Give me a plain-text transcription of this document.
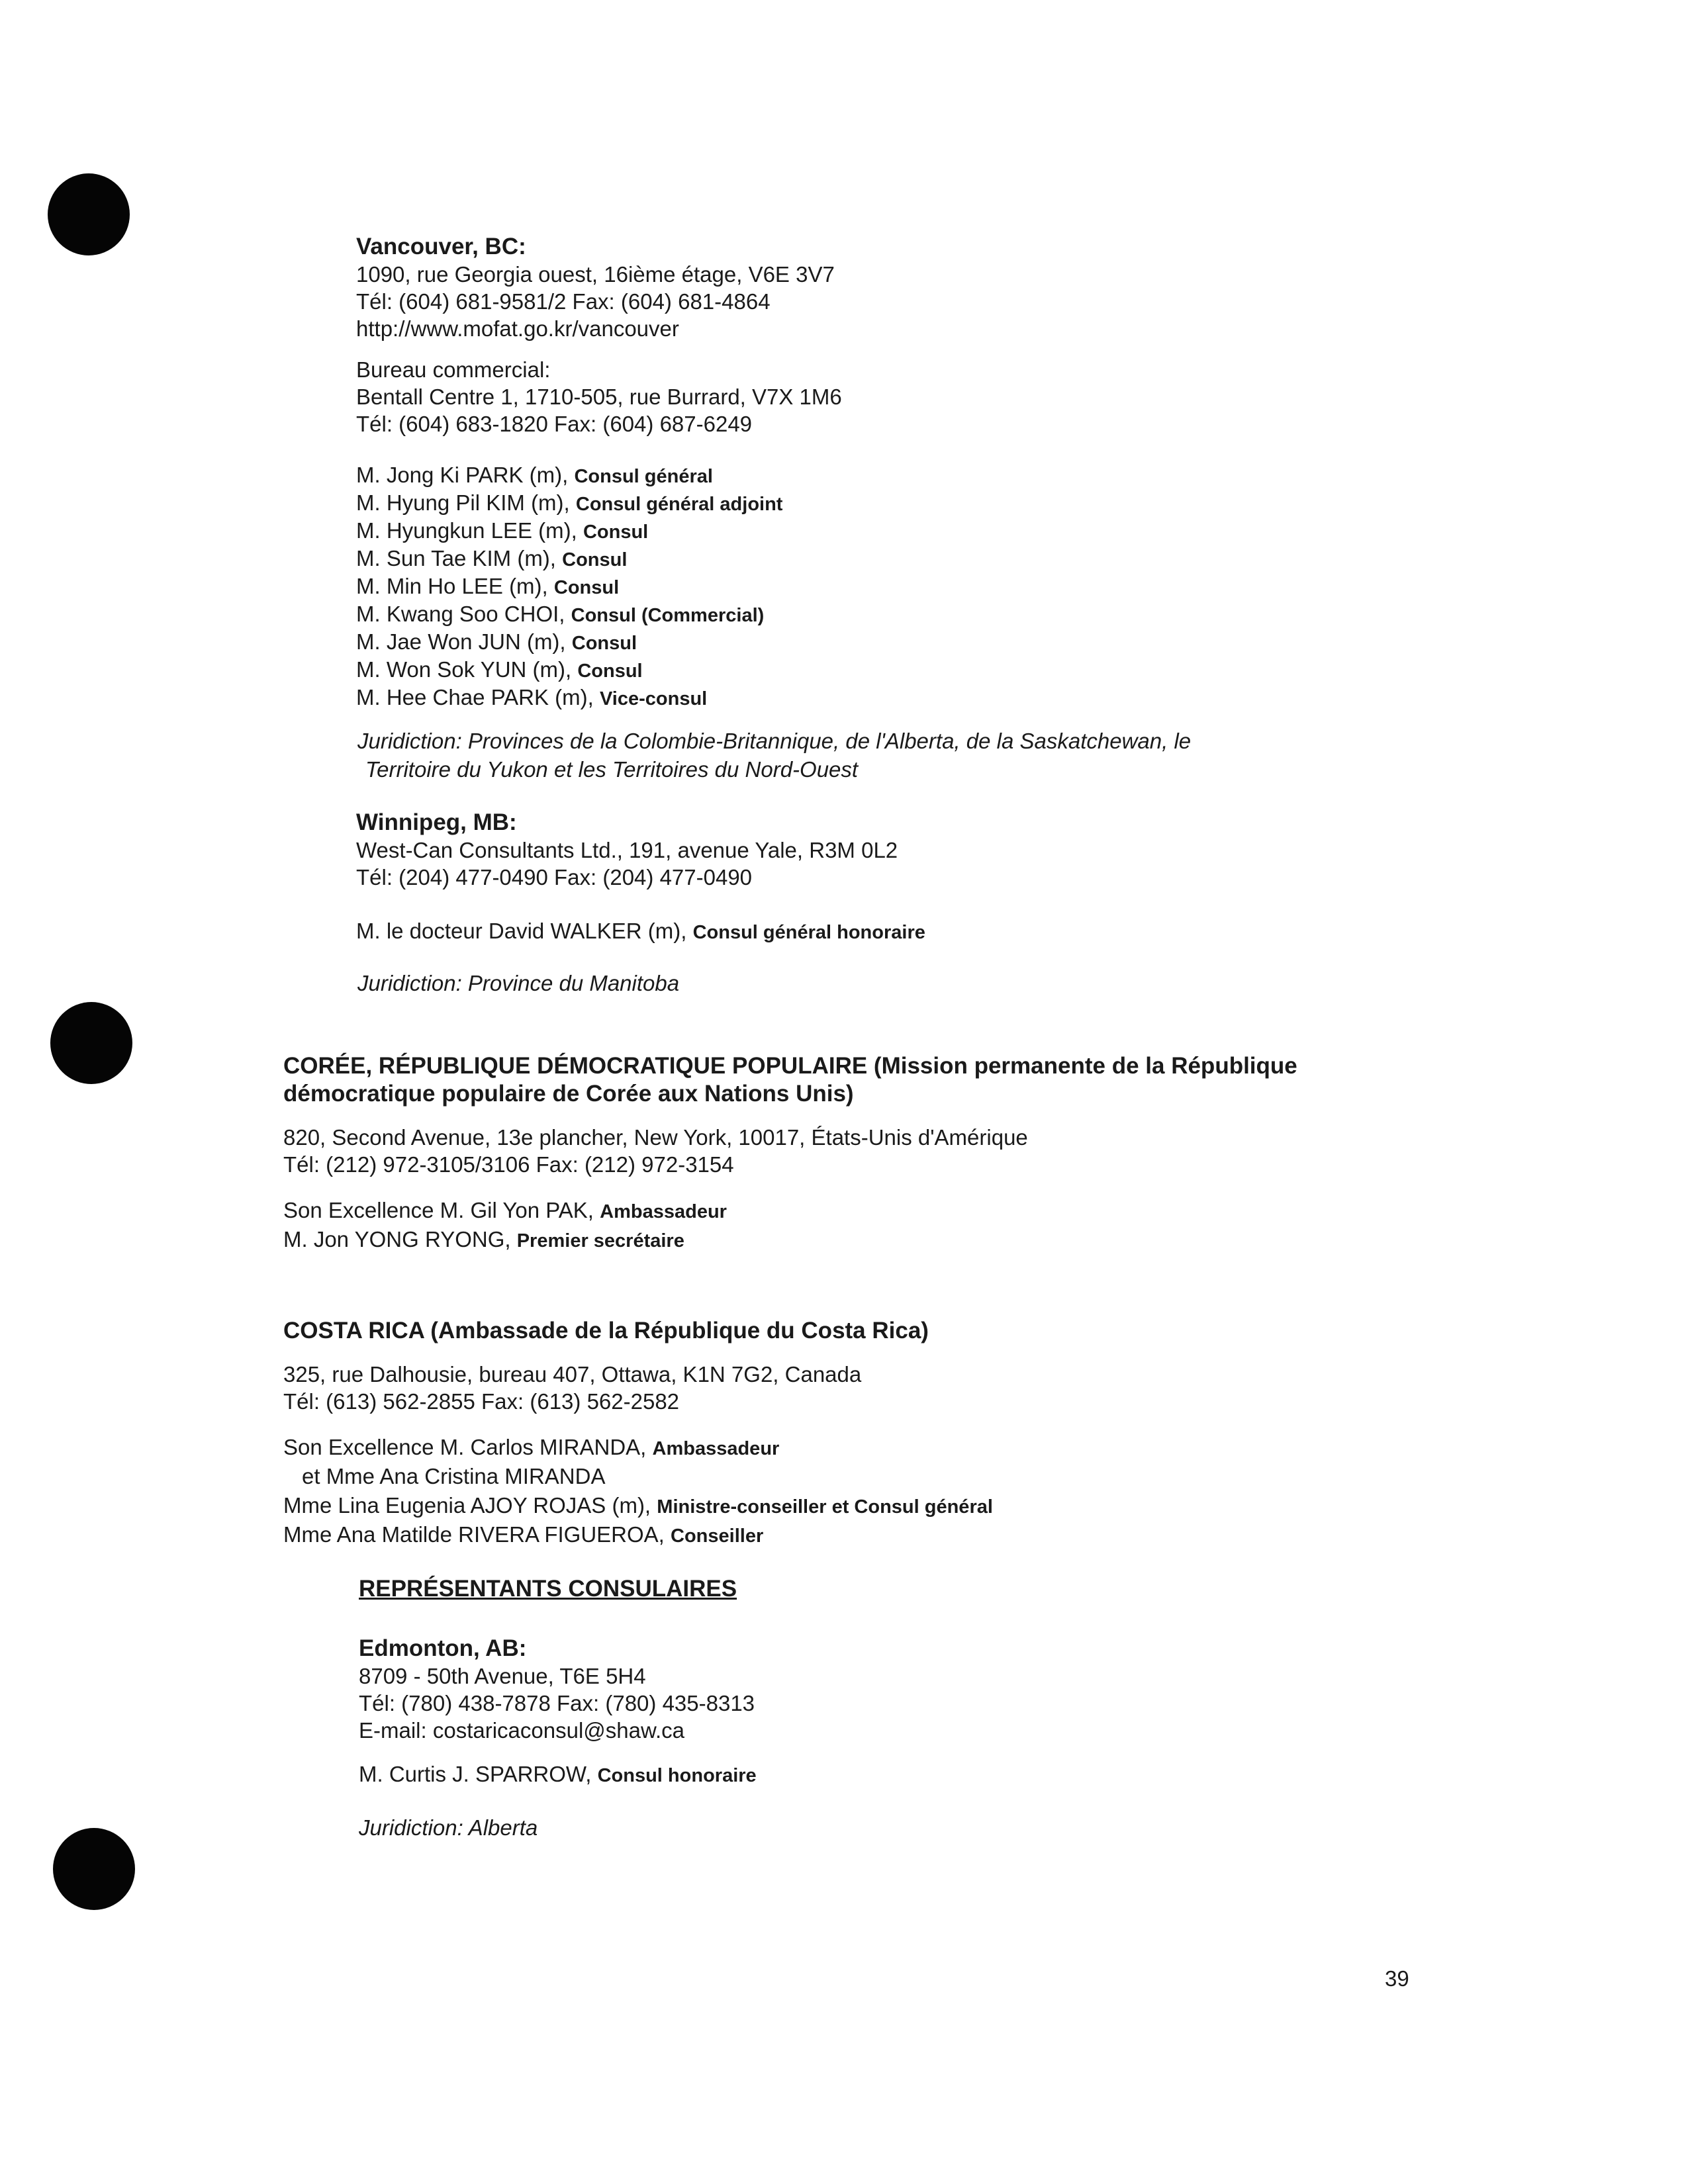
Vancouver, BC:
1090, rue Georgia ouest, 16ième étage, V6E 3V7
Tél: (604) 681-9581/2 Fax: (604) 681-4864
http://www.mofat.go.kr/vancouver
Bureau commercial:
Bentall Centre 1, 1710-505, rue Burrard, V7X 1M6
Tél: (604) 683-1820 Fax: (604) 687-6249
M. Jong Ki PARK (m), Consul général
M. Hyung Pil KIM (m), Consul général adjoint
M. Hyungkun LEE (m), Consul
M. Sun Tae KIM (m), Consul
M. Min Ho LEE (m), Consul
M. Kwang Soo CHOI, Consul (Commercial)
M. Jae Won JUN (m), Consul
M. Won Sok YUN (m), Consul
M. Hee Chae PARK (m), Vice-consul
Juridiction: Provinces de la Colombie-Britannique, de l'Alberta, de la Saskatchewan, le
Territoire du Yukon et les Territoires du Nord-Ouest
Winnipeg, MB:
West-Can Consultants Ltd., 191, avenue Yale, R3M 0L2
Tél: (204) 477-0490 Fax: (204) 477-0490
M. le docteur David WALKER (m), Consul général honoraire
Juridiction: Province du Manitoba
CORÉE, RÉPUBLIQUE DÉMOCRATIQUE POPULAIRE (Mission permanente de la République
démocratique populaire de Corée aux Nations Unis)
820, Second Avenue, 13e plancher, New York, 10017, États-Unis d'Amérique
Tél: (212) 972-3105/3106 Fax: (212) 972-3154
Son Excellence M. Gil Yon PAK, Ambassadeur
M. Jon YONG RYONG, Premier secrétaire
COSTA RICA (Ambassade de la République du Costa Rica)
325, rue Dalhousie, bureau 407, Ottawa, K1N 7G2, Canada
Tél: (613) 562-2855 Fax: (613) 562-2582
Son Excellence M. Carlos MIRANDA, Ambassadeur
et Mme Ana Cristina MIRANDA
Mme Lina Eugenia AJOY ROJAS (m), Ministre-conseiller et Consul général
Mme Ana Matilde RIVERA FIGUEROA, Conseiller
REPRÉSENTANTS CONSULAIRES
Edmonton, AB:
8709 - 50th Avenue, T6E 5H4
Tél: (780) 438-7878 Fax: (780) 435-8313
E-mail: costaricaconsul@shaw.ca
M. Curtis J. SPARROW, Consul honoraire
Juridiction: Alberta
39
